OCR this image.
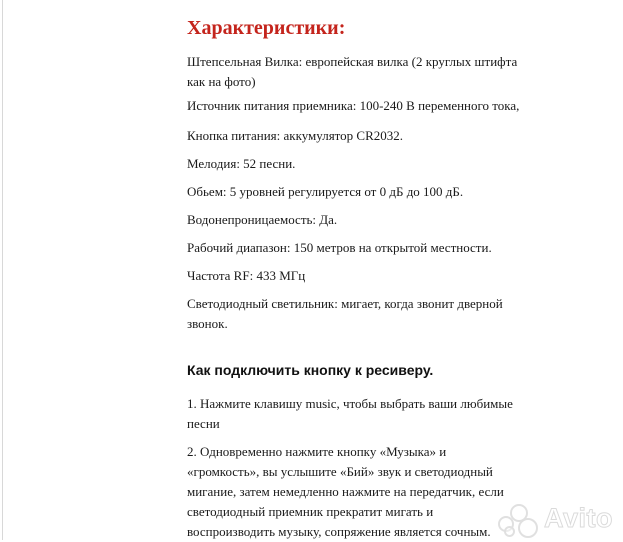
Характеристики:

Штепсельная Вилка: европейская вилка (2 круглых штифта как на фото)

Источник питания приемника: 100-240 В переменного тока,

Кнопка питания: аккумулятор CR2032.

Мелодия: 52 песни.

Обьем: 5 уровней регулируется от 0 дБ до 100 дБ.

Водонепроницаемость: Да.

Рабочий диапазон: 150 метров на открытой местности.

Частота RF: 433 МГц

Светодиодный светильник: мигает, когда звонит дверной звонок.

Как подключить кнопку к ресиверу.

1. Нажмите клавишу music, чтобы выбрать ваши любимые песни

2. Одновременно нажмите кнопку «Музыка» и «громкость», вы услышите «Бий» звук и светодиодный мигание, затем немедленно нажмите на передатчик, если светодиодный приемник прекратит мигать и воспроизводить музыку, сопряжение является сочным.	Avito
